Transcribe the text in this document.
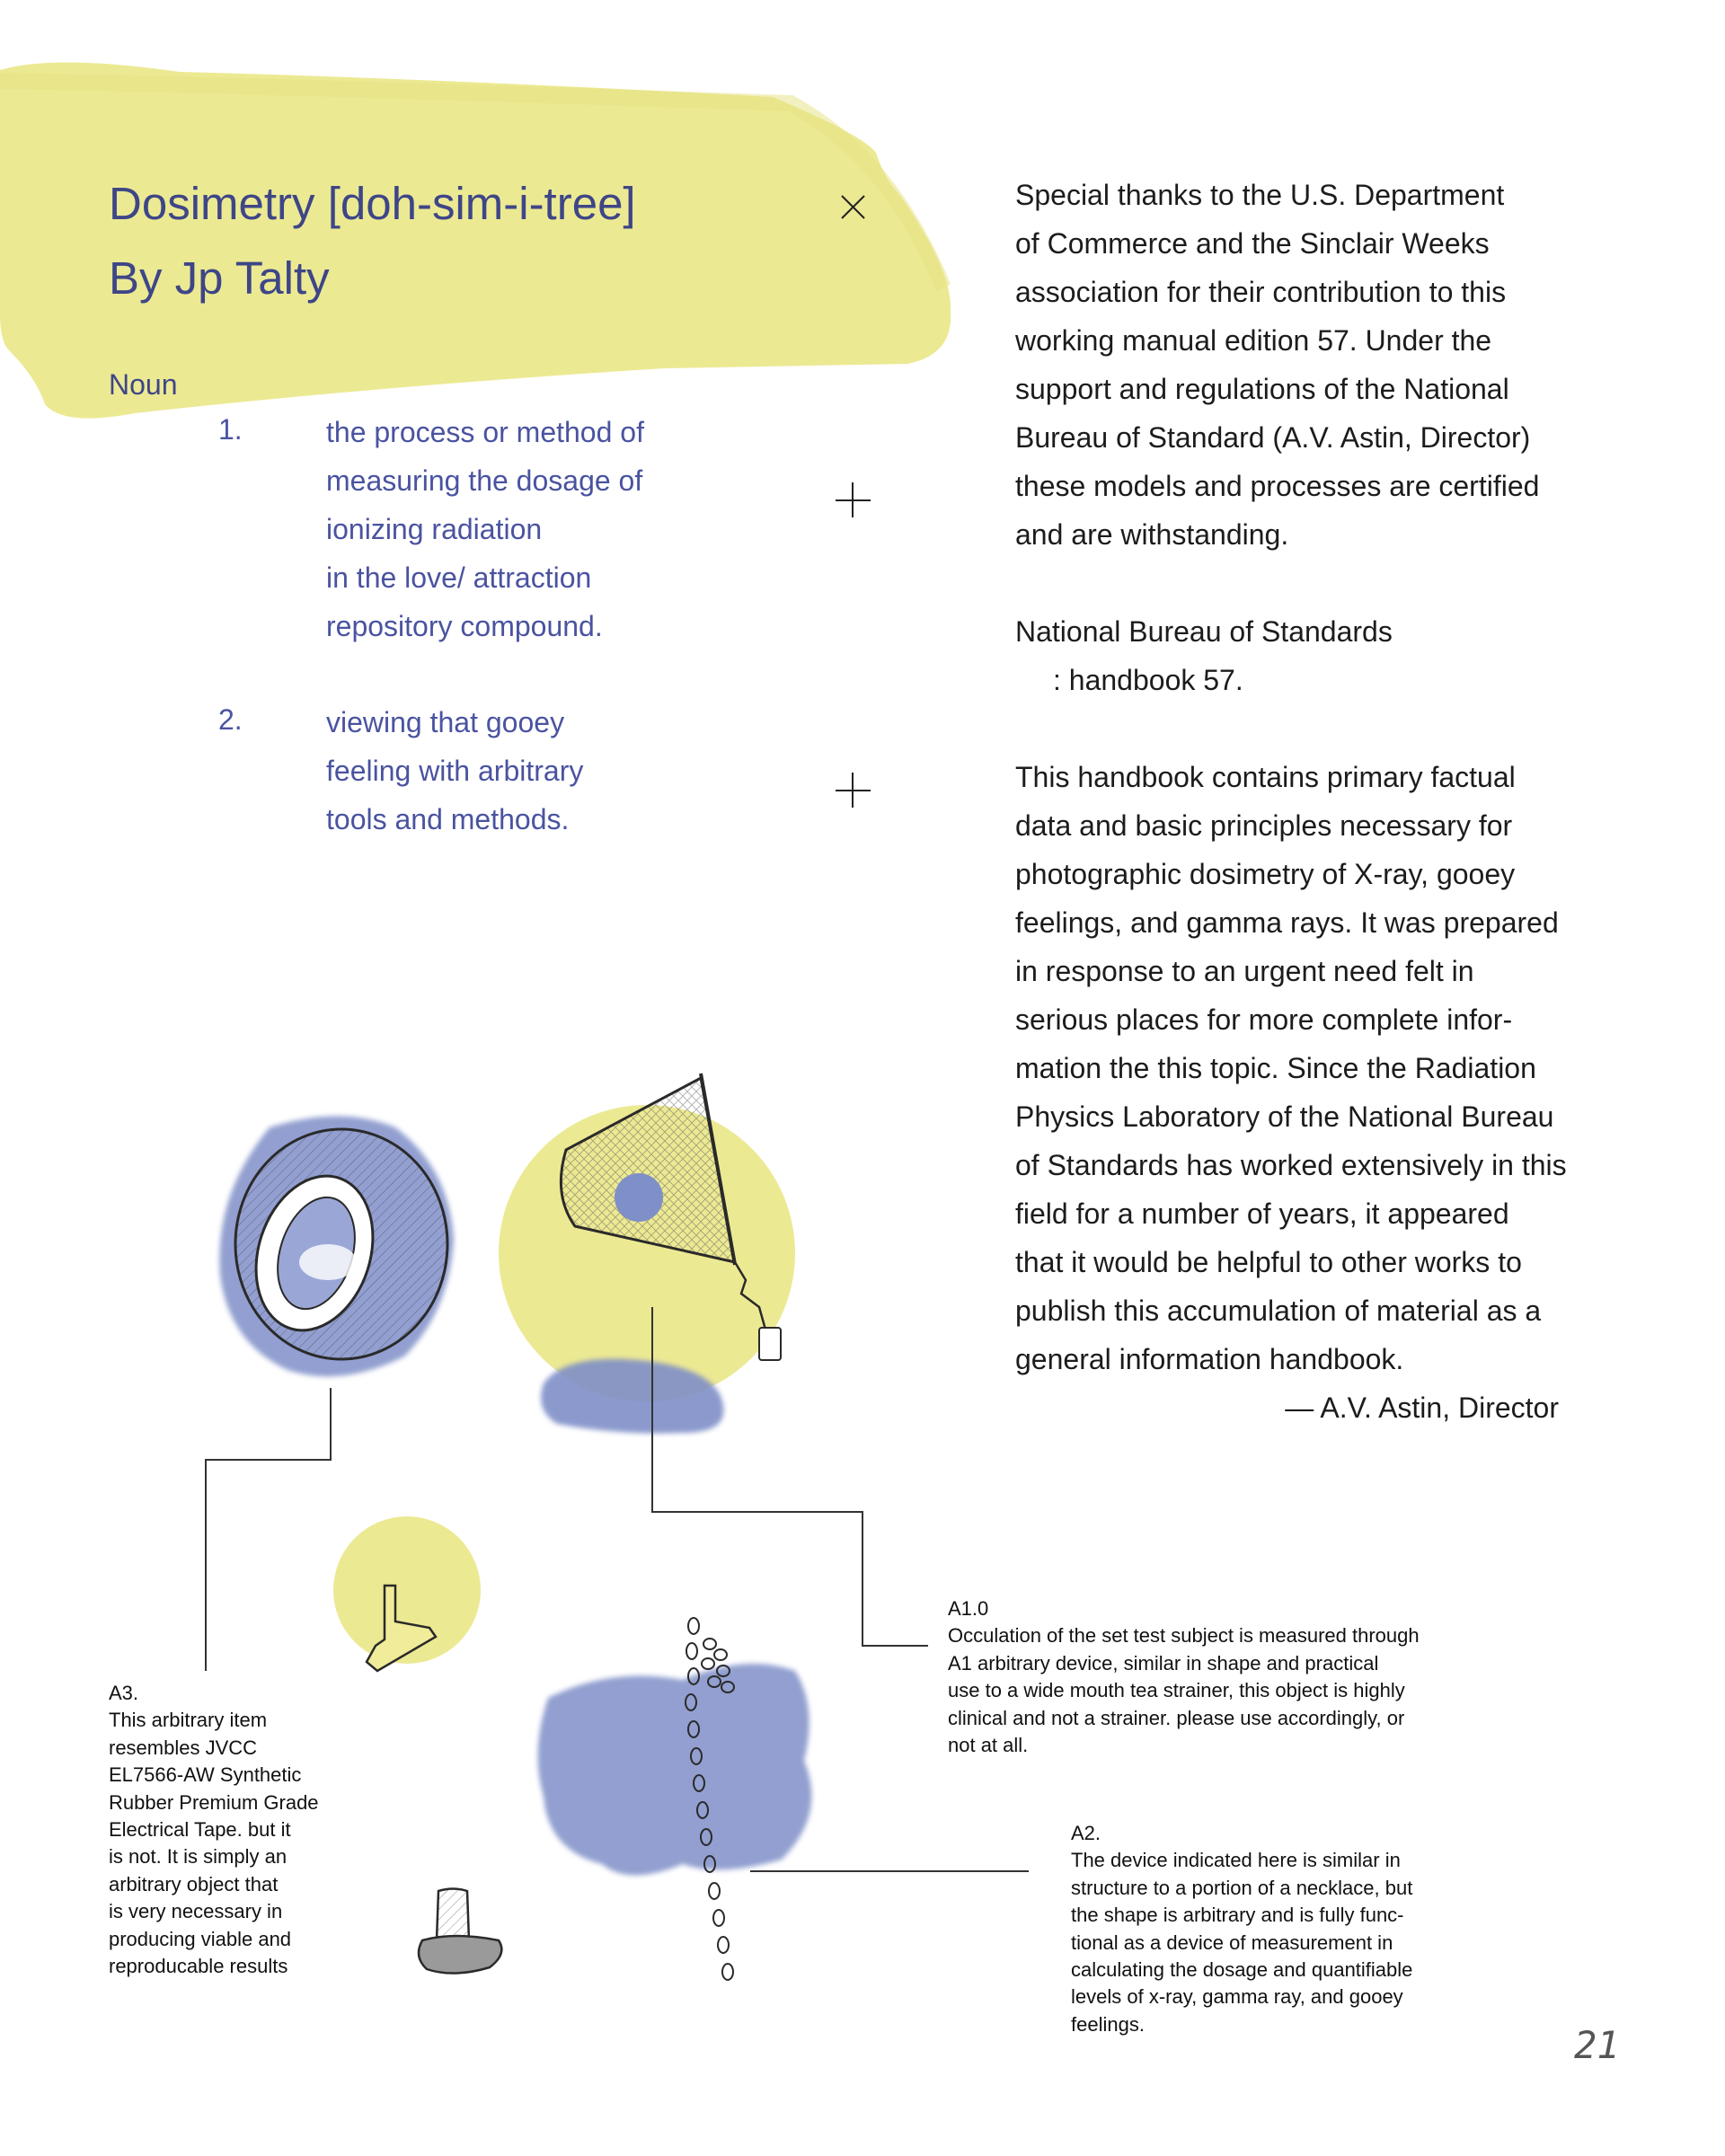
Dosimetry [doh-sim-i-tree]
By Jp Talty
Noun
1.	the process or method of
measuring the dosage of
ionizing radiation
in the love/ attraction
repository compound.
2.	viewing that gooey
feeling with arbitrary
tools and methods.
Special thanks to the U.S. Department
of Commerce and the Sinclair Weeks
association for their contribution to this
working manual edition 57. Under the
support and regulations of the National
Bureau of Standard (A.V. Astin, Director)
these models and processes are certified
and are withstanding.
National Bureau of Standards
: handbook 57.
This handbook contains primary factual
data and basic principles necessary for
photographic dosimetry of X-ray, gooey
feelings, and gamma rays. It was prepared
in response to an urgent need felt in
serious places for more complete infor-
mation the this topic. Since the Radiation
Physics Laboratory of the National Bureau
of Standards has worked extensively in this
field for a number of years, it appeared
that it would be helpful to other works to
publish this accumulation of material as a
general information handbook.
— A.V. Astin, Director
A1.0
Occulation of the set test subject is measured through
A1 arbitrary device, similar in shape and practical
use to a wide mouth tea strainer, this object is highly
clinical and not a strainer. please use accordingly, or
not at all.
A2.
The device indicated here is similar in
structure to a portion of a necklace, but
the shape is arbitrary and is fully func-
tional as a device of measurement in
calculating the dosage and quantifiable
levels of x-ray, gamma ray, and gooey
feelings.
A3.
This arbitrary item
resembles JVCC
EL7566-AW Synthetic
Rubber Premium Grade
Electrical Tape. but it
is not. It is simply an
arbitrary object that
is very necessary in
producing viable and
reproducable results
21
